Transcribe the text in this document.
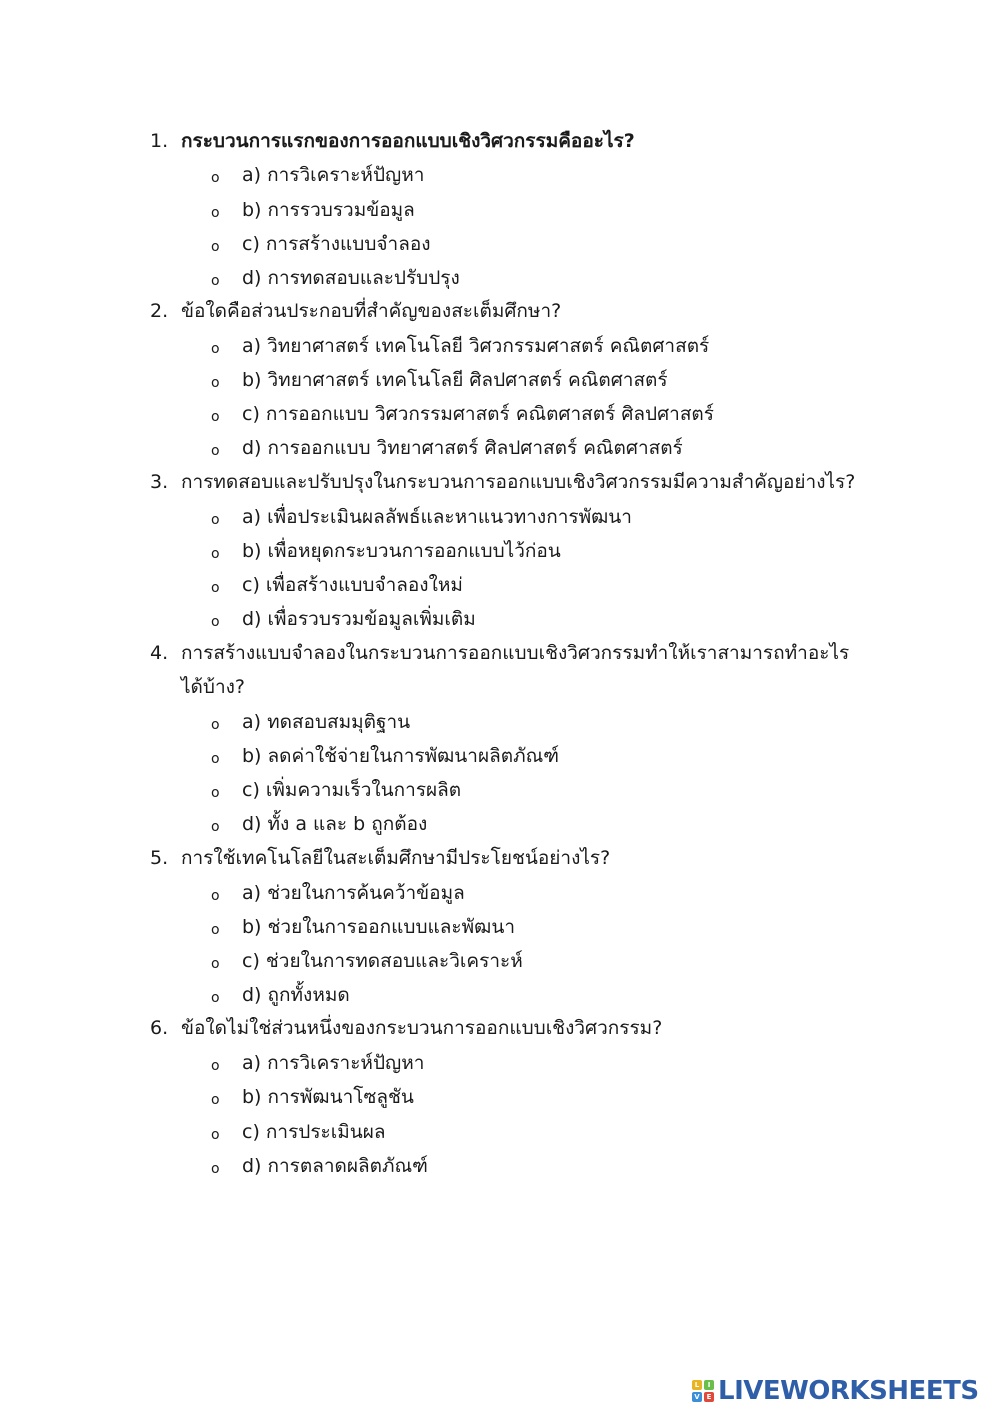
1. กระบวนการแรกของการออกแบบเชิงวิศวกรรมคืออะไร?
o a) การวิเคราะห์ปัญหา
o b) การรวบรวมข้อมูล
o c) การสร้างแบบจำลอง
o d) การทดสอบและปรับปรุง
2. ข้อใดคือส่วนประกอบที่สำคัญของสะเต็มศึกษา?
o a) วิทยาศาสตร์ เทคโนโลยี วิศวกรรมศาสตร์ คณิตศาสตร์
o b) วิทยาศาสตร์ เทคโนโลยี ศิลปศาสตร์ คณิตศาสตร์
o c) การออกแบบ วิศวกรรมศาสตร์ คณิตศาสตร์ ศิลปศาสตร์
o d) การออกแบบ วิทยาศาสตร์ ศิลปศาสตร์ คณิตศาสตร์
3. การทดสอบและปรับปรุงในกระบวนการออกแบบเชิงวิศวกรรมมีความสำคัญอย่างไร?
o a) เพื่อประเมินผลลัพธ์และหาแนวทางการพัฒนา
o b) เพื่อหยุดกระบวนการออกแบบไว้ก่อน
o c) เพื่อสร้างแบบจำลองใหม่
o d) เพื่อรวบรวมข้อมูลเพิ่มเติม
4. การสร้างแบบจำลองในกระบวนการออกแบบเชิงวิศวกรรมทำให้เราสามารถทำอะไรได้บ้าง?
o a) ทดสอบสมมุติฐาน
o b) ลดค่าใช้จ่ายในการพัฒนาผลิตภัณฑ์
o c) เพิ่มความเร็วในการผลิต
o d) ทั้ง a และ b ถูกต้อง
5. การใช้เทคโนโลยีในสะเต็มศึกษามีประโยชน์อย่างไร?
o a) ช่วยในการค้นคว้าข้อมูล
o b) ช่วยในการออกแบบและพัฒนา
o c) ช่วยในการทดสอบและวิเคราะห์
o d) ถูกทั้งหมด
6. ข้อใดไม่ใช่ส่วนหนึ่งของกระบวนการออกแบบเชิงวิศวกรรม?
o a) การวิเคราะห์ปัญหา
o b) การพัฒนาโซลูชัน
o c) การประเมินผล
o d) การตลาดผลิตภัณฑ์
L	I
V E LIVEWORKSHEETS
